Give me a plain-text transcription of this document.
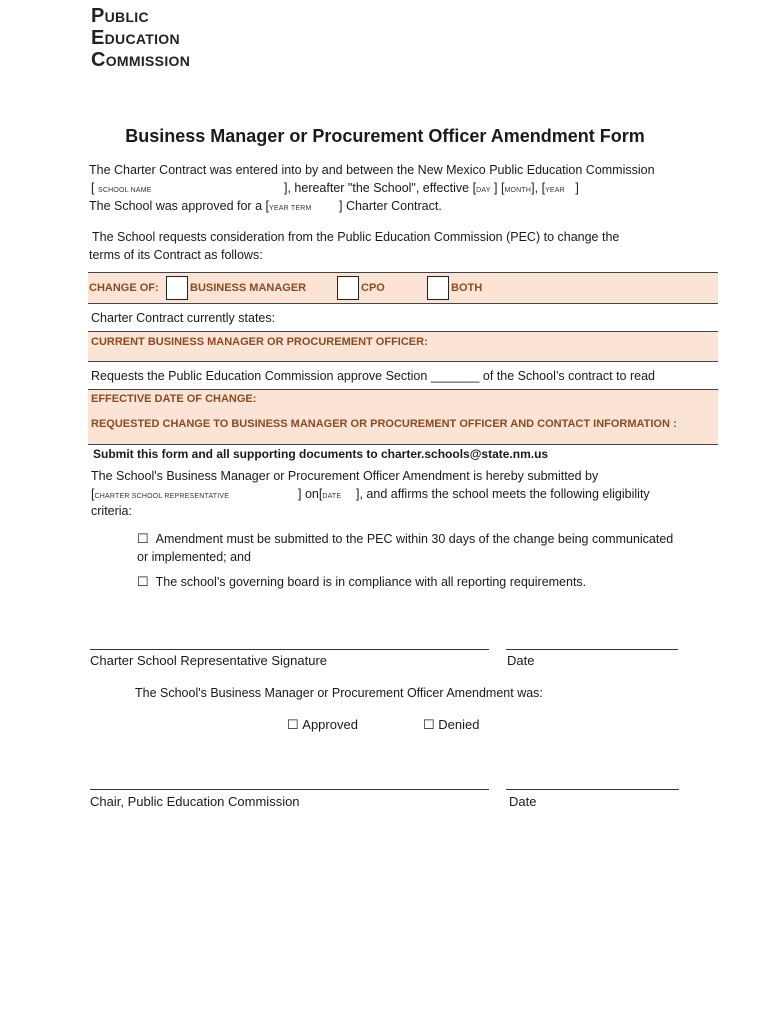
Public
Education
Commission
Business Manager or Procurement Officer Amendment Form
The Charter Contract was entered into by and between the New Mexico Public Education Commission
[ SCHOOL NAME	], hereafter "the School", effective [DAY ] [MONTH], [YEAR   ]
The School was approved for a [YEAR TERM ] Charter Contract.
The School requests consideration from the Public Education Commission (PEC) to change the
terms of its Contract as follows:
CHANGE OF:	BUSINESS MANAGER	CPO	BOTH
Charter Contract currently states:
CURRENT BUSINESS MANAGER OR PROCUREMENT OFFICER:
Requests the Public Education Commission approve Section _______ of the School’s contract to read
EFFECTIVE DATE OF CHANGE:
REQUESTED CHANGE TO BUSINESS MANAGER OR PROCUREMENT OFFICER AND CONTACT INFORMATION :
Submit this form and all supporting documents to charter.schools@state.nm.us
The School's Business Manager or Procurement Officer Amendment is hereby submitted by
[CHARTER SCHOOL REPRESENTATIVE	] on[DATE ], and affirms the school meets the following eligibility
criteria:
☐ Amendment must be submitted to the PEC within 30 days of the change being communicated
or implemented; and
☐ The school’s governing board is in compliance with all reporting requirements.
Charter School Representative Signature	Date
The School's Business Manager or Procurement Officer Amendment was:
☐ Approved	☐ Denied
Chair, Public Education Commission	Date
